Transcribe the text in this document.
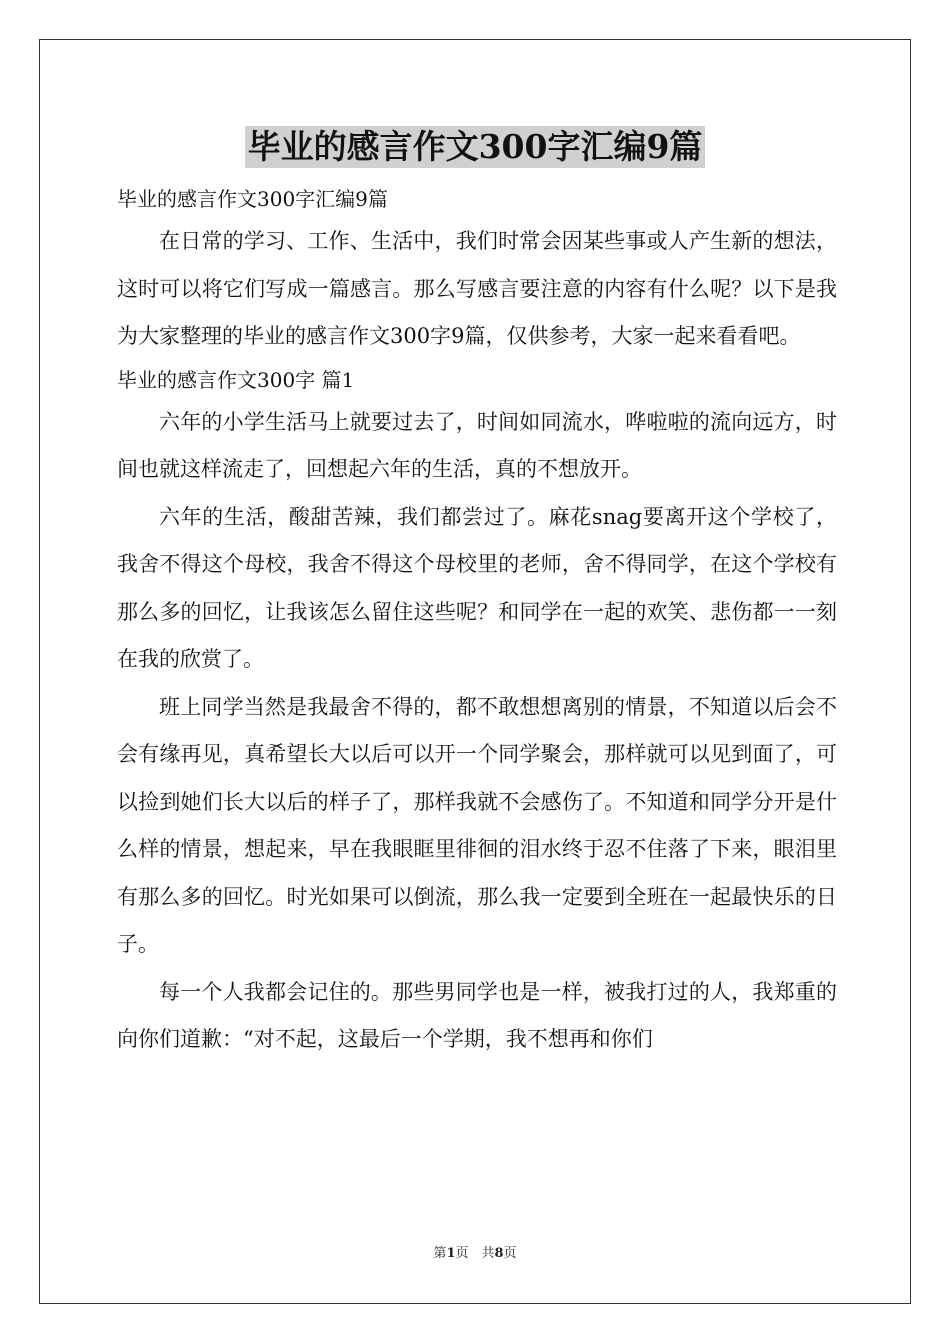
毕业的感言作文300字汇编9篇

毕业的感言作文300字汇编9篇

在日常的学习、工作、生活中，我们时常会因某些事或人产生新的想法，这时可以将它们写成一篇感言。那么写感言要注意的内容有什么呢？以下是我为大家整理的毕业的感言作文300字9篇，仅供参考，大家一起来看看吧。

毕业的感言作文300字 篇1

六年的小学生活马上就要过去了，时间如同流水，哗啦啦的流向远方，时间也就这样流走了，回想起六年的生活，真的不想放开。

六年的生活，酸甜苦辣，我们都尝过了。麻花snag要离开这个学校了，我舍不得这个母校，我舍不得这个母校里的老师，舍不得同学，在这个学校有那么多的回忆，让我该怎么留住这些呢？和同学在一起的欢笑、悲伤都一一刻在我的欣赏了。

班上同学当然是我最舍不得的，都不敢想想离别的情景，不知道以后会不会有缘再见，真希望长大以后可以开一个同学聚会，那样就可以见到面了，可以捡到她们长大以后的样子了，那样我就不会感伤了。不知道和同学分开是什么样的情景，想起来，早在我眼眶里徘徊的泪水终于忍不住落了下来，眼泪里有那么多的回忆。时光如果可以倒流，那么我一定要到全班在一起最快乐的日子。

每一个人我都会记住的。那些男同学也是一样，被我打过的人，我郑重的向你们道歉：“对不起，这最后一个学期，我不想再和你们

第1页　共8页
